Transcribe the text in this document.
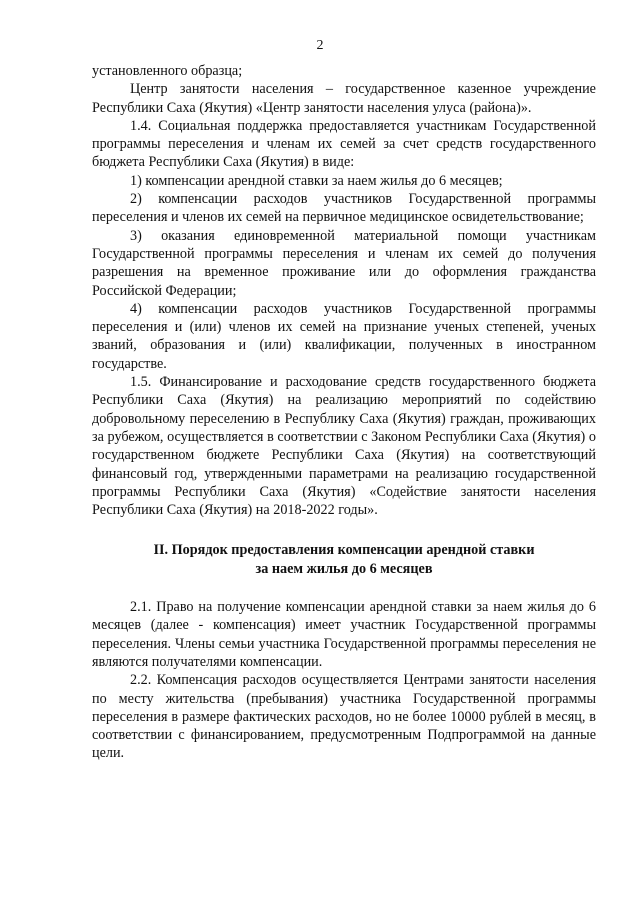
2

установленного образца;

Центр занятости населения – государственное казенное учреждение Республики Саха (Якутия) «Центр занятости населения улуса (района)».

1.4. Социальная поддержка предоставляется участникам Государственной программы переселения и членам их семей за счет средств государственного бюджета Республики Саха (Якутия) в виде:

1) компенсации арендной ставки за наем жилья до 6 месяцев;

2) компенсации расходов участников Государственной программы переселения и членов их семей на первичное медицинское освидетельствование;

3) оказания единовременной материальной помощи участникам Государственной программы переселения и членам их семей до получения разрешения на временное проживание или до оформления гражданства Российской Федерации;

4) компенсации расходов участников Государственной программы переселения и (или) членов их семей на признание ученых степеней, ученых званий, образования и (или) квалификации, полученных в иностранном государстве.

1.5. Финансирование и расходование средств государственного бюджета Республики Саха (Якутия) на реализацию мероприятий по содействию добровольному переселению в Республику Саха (Якутия) граждан, проживающих за рубежом, осуществляется в соответствии с Законом Республики Саха (Якутия) о государственном бюджете Республики Саха (Якутия) на соответствующий финансовый год, утвержденными параметрами на реализацию государственной программы Республики Саха (Якутия) «Содействие занятости населения Республики Саха (Якутия) на 2018-2022 годы».

II. Порядок предоставления компенсации арендной ставки
за наем жилья до 6 месяцев

2.1. Право на получение компенсации арендной ставки за наем жилья до 6 месяцев (далее - компенсация) имеет участник Государственной программы переселения. Члены семьи участника Государственной программы переселения не являются получателями компенсации.

2.2. Компенсация расходов осуществляется Центрами занятости населения по месту жительства (пребывания) участника Государственной программы переселения в размере фактических расходов, но не более 10000 рублей в месяц, в соответствии с финансированием, предусмотренным Подпрограммой на данные цели.
